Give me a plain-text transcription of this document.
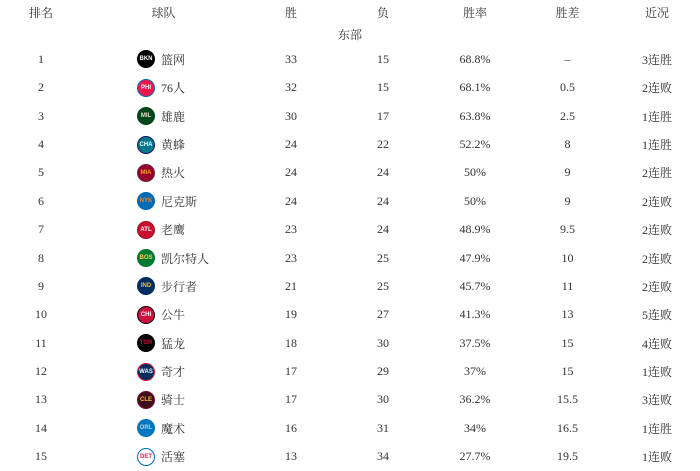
排名	球队	胜	负	胜率	胜差	近况
东部						
1	BKN 篮网	33	15	68.8%	–	3连胜
2	PHI 76人	32	15	68.1%	0.5	2连败
3	MIL 雄鹿	30	17	63.8%	2.5	1连胜
4	CHA 黄蜂	24	22	52.2%	8	1连胜
5	MIA 热火	24	24	50%	9	2连胜
6	NYK 尼克斯	24	24	50%	9	2连败
7	ATL 老鹰	23	24	48.9%	9.5	2连败
8	BOS 凯尔特人	23	25	47.9%	10	2连败
9	IND 步行者	21	25	45.7%	11	2连败
10	CHI 公牛	19	27	41.3%	13	5连败
11	TOR 猛龙	18	30	37.5%	15	4连败
12	WAS 奇才	17	29	37%	15	1连败
13	CLE 骑士	17	30	36.2%	15.5	3连败
14	ORL 魔术	16	31	34%	16.5	1连胜
15	DET 活塞	13	34	27.7%	19.5	1连败
